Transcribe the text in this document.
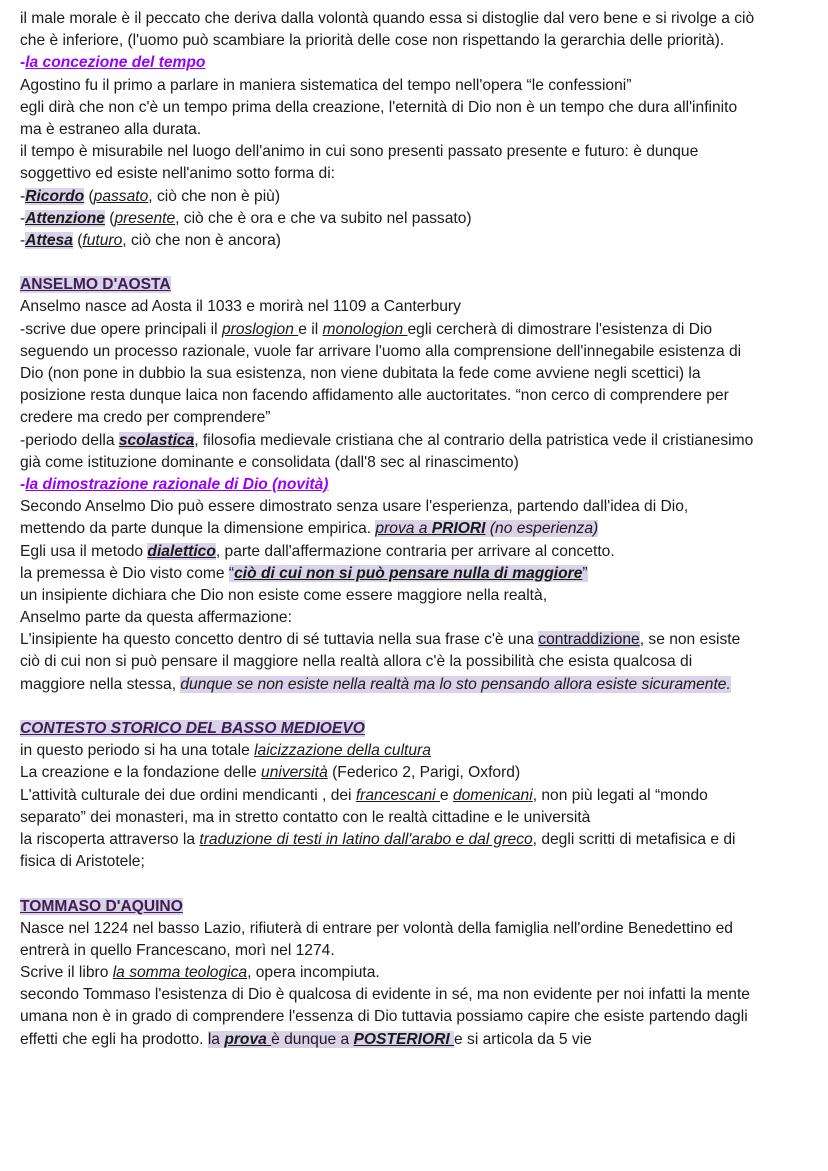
il male morale è il peccato che deriva dalla volontà quando essa si distoglie dal vero bene e si rivolge a ciò
che è inferiore, (l'uomo può scambiare la priorità delle cose non rispettando la gerarchia delle priorità).
-la concezione del tempo
Agostino fu il primo a parlare in maniera sistematica del tempo nell'opera “le confessioni”
egli dirà che non c'è un tempo prima della creazione, l'eternità di Dio non è un tempo che dura all'infinito
ma è estraneo alla durata.
il tempo è misurabile nel luogo dell'animo in cui sono presenti passato presente e futuro: è dunque
soggettivo ed esiste nell'animo sotto forma di:
-Ricordo (passato, ciò che non è più)
-Attenzione (presente, ciò che è ora e che va subito nel passato)
-Attesa (futuro, ciò che non è ancora)
ANSELMO D'AOSTA
Anselmo nasce ad Aosta il 1033 e morirà nel 1109 a Canterbury
-scrive due opere principali il proslogion e il monologion egli cercherà di dimostrare l'esistenza di Dio
seguendo un processo razionale, vuole far arrivare l'uomo alla comprensione dell'innegabile esistenza di
Dio (non pone in dubbio la sua esistenza, non viene dubitata la fede come avviene negli scettici) la
posizione resta dunque laica non facendo affidamento alle auctoritates. “non cerco di comprendere per
credere ma credo per comprendere”
-periodo della scolastica, filosofia medievale cristiana che al contrario della patristica vede il cristianesimo
già come istituzione dominante e consolidata (dall'8 sec al rinascimento)
-la dimostrazione razionale di Dio (novità)
Secondo Anselmo Dio può essere dimostrato senza usare l'esperienza, partendo dall'idea di Dio,
mettendo da parte dunque la dimensione empirica. prova a PRIORI (no esperienza)
Egli usa il metodo dialettico, parte dall'affermazione contraria per arrivare al concetto.
la premessa è Dio visto come “ciò di cui non si può pensare nulla di maggiore”
un insipiente dichiara che Dio non esiste come essere maggiore nella realtà,
Anselmo parte da questa affermazione:
L'insipiente ha questo concetto dentro di sé tuttavia nella sua frase c'è una contraddizione, se non esiste
ciò di cui non si può pensare il maggiore nella realtà allora c'è la possibilità che esista qualcosa di
maggiore nella stessa, dunque se non esiste nella realtà ma lo sto pensando allora esiste sicuramente.
CONTESTO STORICO DEL BASSO MEDIOEVO
in questo periodo si ha una totale laicizzazione della cultura
La creazione e la fondazione delle università (Federico 2, Parigi, Oxford)
L'attività culturale dei due ordini mendicanti , dei francescani e domenicani, non più legati al “mondo
separato” dei monasteri, ma in stretto contatto con le realtà cittadine e le università
la riscoperta attraverso la traduzione di testi in latino dall'arabo e dal greco, degli scritti di metafisica e di
fisica di Aristotele;
TOMMASO D'AQUINO
Nasce nel 1224 nel basso Lazio, rifiuterà di entrare per volontà della famiglia nell'ordine Benedettino ed
entrerà in quello Francescano, morì nel 1274.
Scrive il libro la somma teologica, opera incompiuta.
secondo Tommaso l'esistenza di Dio è qualcosa di evidente in sé, ma non evidente per noi infatti la mente
umana non è in grado di comprendere l'essenza di Dio tuttavia possiamo capire che esiste partendo dagli
effetti che egli ha prodotto. la prova è dunque a POSTERIORI e si articola da 5 vie
